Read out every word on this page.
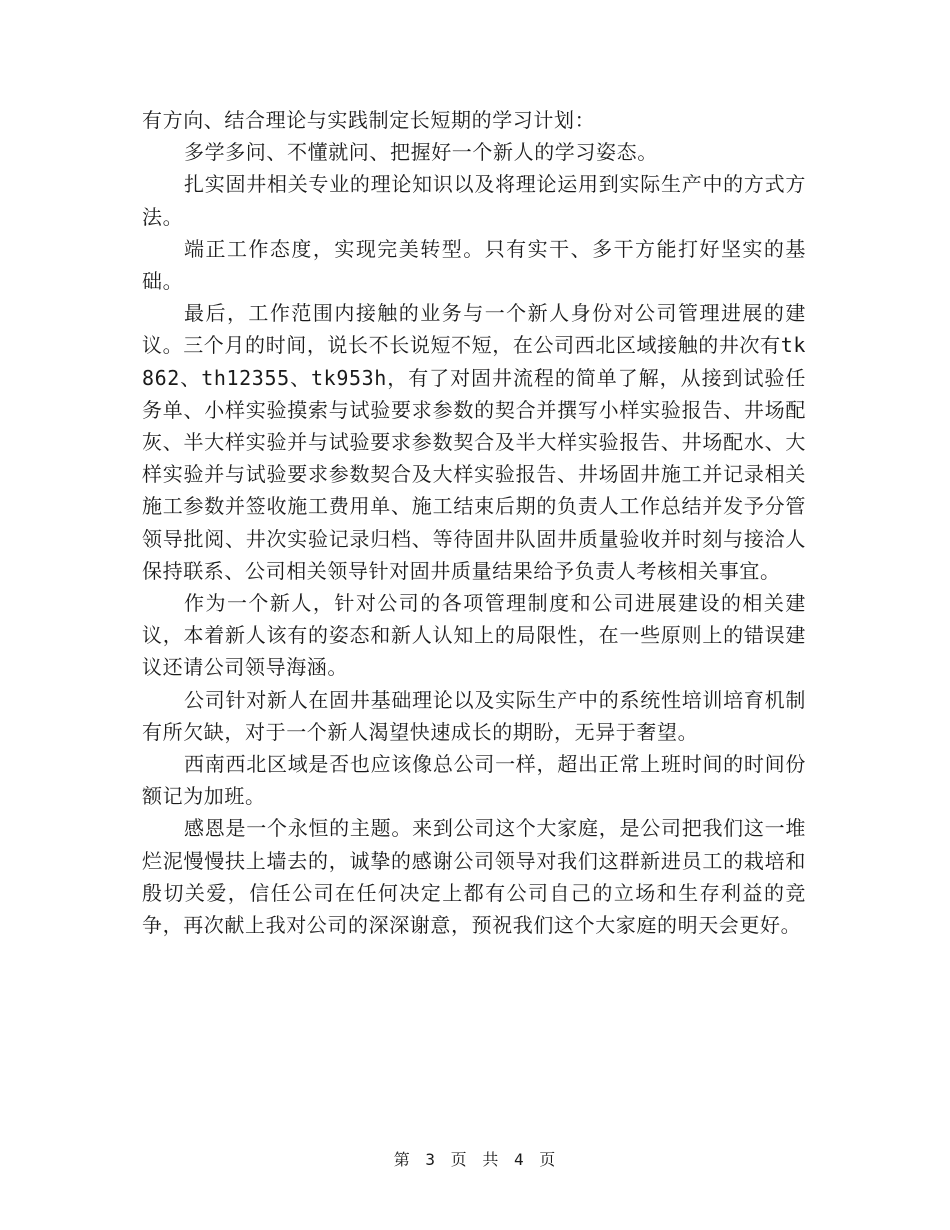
有方向、结合理论与实践制定长短期的学习计划：

多学多问、不懂就问、把握好一个新人的学习姿态。

扎实固井相关专业的理论知识以及将理论运用到实际生产中的方式方法。

端正工作态度，实现完美转型。只有实干、多干方能打好坚实的基础。

最后，工作范围内接触的业务与一个新人身份对公司管理进展的建议。三个月的时间，说长不长说短不短，在公司西北区域接触的井次有tk862、th12355、tk953h，有了对固井流程的简单了解，从接到试验任务单、小样实验摸索与试验要求参数的契合并撰写小样实验报告、井场配灰、半大样实验并与试验要求参数契合及半大样实验报告、井场配水、大样实验并与试验要求参数契合及大样实验报告、井场固井施工并记录相关施工参数并签收施工费用单、施工结束后期的负责人工作总结并发予分管领导批阅、井次实验记录归档、等待固井队固井质量验收并时刻与接洽人保持联系、公司相关领导针对固井质量结果给予负责人考核相关事宜。

作为一个新人，针对公司的各项管理制度和公司进展建设的相关建议，本着新人该有的姿态和新人认知上的局限性，在一些原则上的错误建议还请公司领导海涵。

公司针对新人在固井基础理论以及实际生产中的系统性培训培育机制有所欠缺，对于一个新人渴望快速成长的期盼，无异于奢望。

西南西北区域是否也应该像总公司一样，超出正常上班时间的时间份额记为加班。

感恩是一个永恒的主题。来到公司这个大家庭，是公司把我们这一堆烂泥慢慢扶上墙去的，诚挚的感谢公司领导对我们这群新进员工的栽培和殷切关爱，信任公司在任何决定上都有公司自己的立场和生存利益的竞争，再次献上我对公司的深深谢意，预祝我们这个大家庭的明天会更好。

第 3 页 共 4 页
